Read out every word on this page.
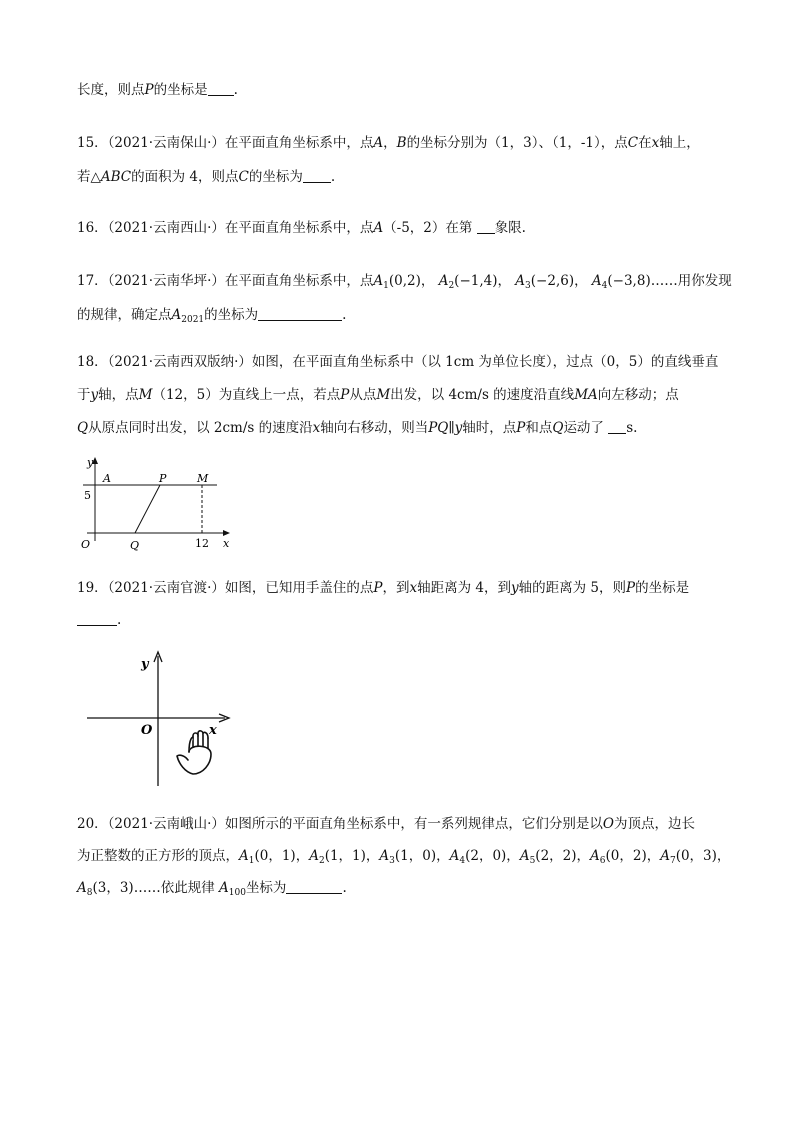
长度，则点P的坐标是 .
15．（2021·云南保山·）在平面直角坐标系中，点A，B的坐标分别为（1，3）、（1，-1），点C在x轴上，
若△ABC的面积为 4，则点C的坐标为 .
16．（2021·云南西山·）在平面直角坐标系中，点A（-5，2）在第 象限.
17．（2021·云南华坪·）在平面直角坐标系中，点$A_1(0,2)$， $A_2(-1,4)$， $A_3(-2,6)$， $A_4(-3,8)\dots\dots$用你发现
的规律，确定点$A_{2021}$的坐标为	.
18．（2021·云南西双版纳·）如图，在平面直角坐标系中（以 1cm 为单位长度），过点（0，5）的直线垂直
于y轴，点M（12，5）为直线上一点，若点P从点M出发，以 4cm/s 的速度沿直线MA向左移动；点
Q从原点同时出发，以 2cm/s 的速度沿x轴向右移动，则当PQ∥y轴时，点P和点Q运动了 s.
y
A	P	M
5
O	Q	12 x
19．（2021·云南官渡·）如图，已知用手盖住的点P，到x轴距离为 4，到y轴的距离为 5，则P的坐标是
.
y
x
O
20．（2021·云南峨山·）如图所示的平面直角坐标系中，有一系列规律点，它们分别是以O为顶点，边长
为正整数的正方形的顶点，$A_1(0$，1)，$A_2(1$，1)，$A_3(1$，0)，$A_4(2$，0)，$A_5(2$，2)，$A_6(0$，2)，$A_7(0$，3)，
$A_8(3$，3)……依此规律 $A_{100}$坐标为	.
